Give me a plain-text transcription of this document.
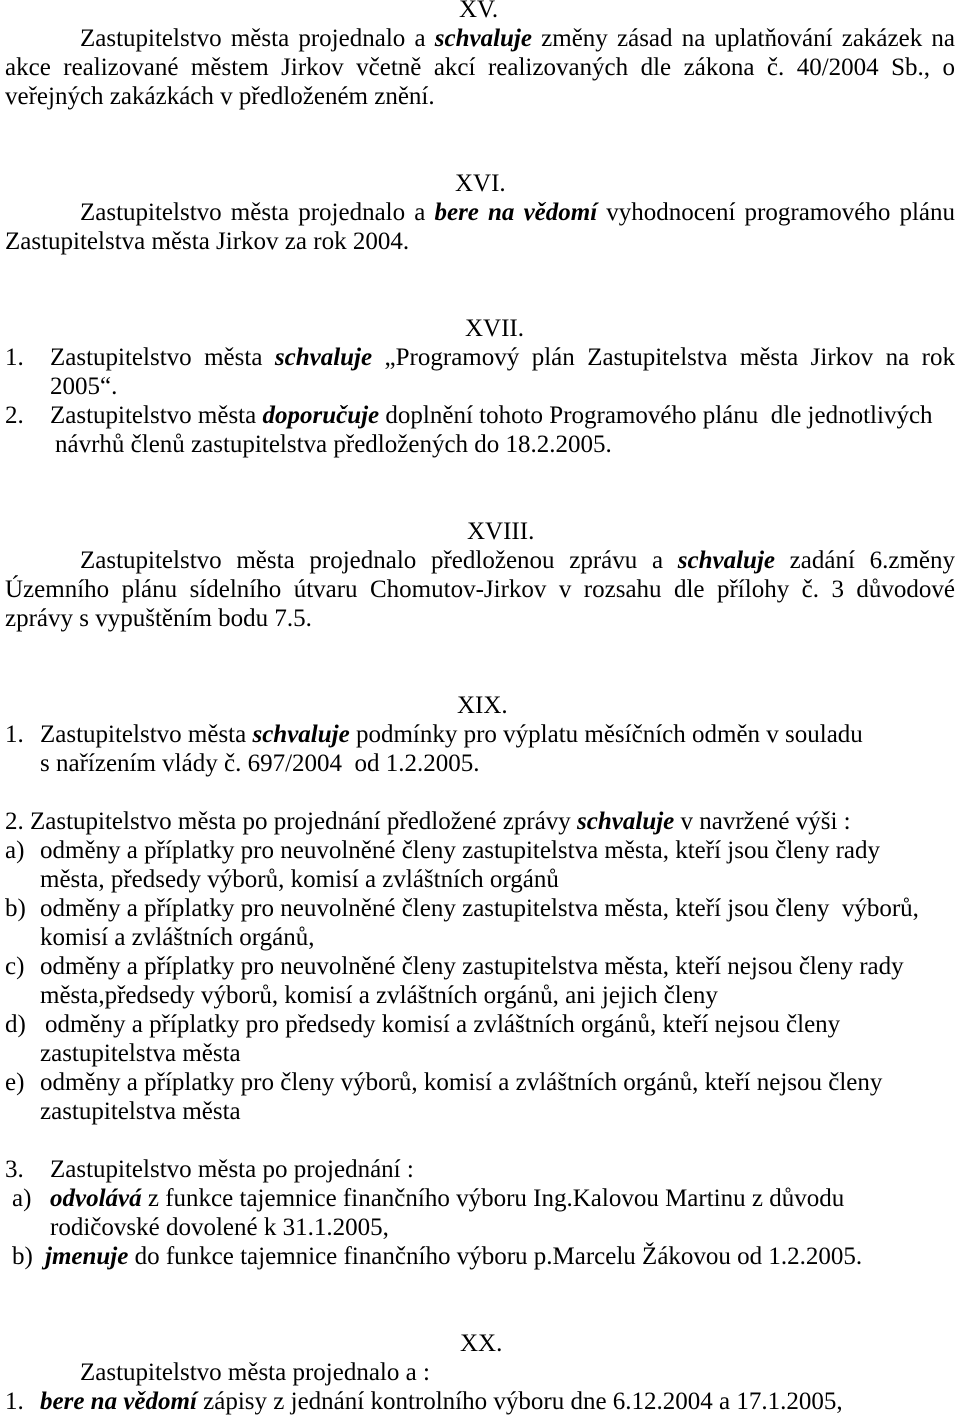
XV.
Zastupitelstvo města projednalo a schvaluje změny zásad na uplatňování zakázek na
akce realizované městem Jirkov včetně akcí realizovaných dle zákona č. 40/2004 Sb., o
veřejných zakázkách v předloženém znění.
XVI.
Zastupitelstvo města projednalo a bere na vědomí vyhodnocení programového plánu
Zastupitelstva města Jirkov za rok 2004.
XVII.
1. Zastupitelstvo města schvaluje „Programový plán Zastupitelstva města Jirkov na rok
2005“.
2. Zastupitelstvo města doporučuje doplnění tohoto Programového plánu  dle jednotlivých
návrhů členů zastupitelstva předložených do 18.2.2005.
XVIII.
Zastupitelstvo města projednalo předloženou zprávu a schvaluje zadání 6.změny
Územního plánu sídelního útvaru Chomutov-Jirkov v rozsahu dle přílohy č. 3 důvodové
zprávy s vypuštěním bodu 7.5.
XIX.
1. Zastupitelstvo města schvaluje podmínky pro výplatu měsíčních odměn v souladu
s nařízením vlády č. 697/2004  od 1.2.2005.
2. Zastupitelstvo města po projednání předložené zprávy schvaluje v navržené výši :
a) odměny a příplatky pro neuvolněné členy zastupitelstva města, kteří jsou členy rady
města, předsedy výborů, komisí a zvláštních orgánů
b) odměny a příplatky pro neuvolněné členy zastupitelstva města, kteří jsou členy  výborů,
komisí a zvláštních orgánů,
c) odměny a příplatky pro neuvolněné členy zastupitelstva města, kteří nejsou členy rady
města,předsedy výborů, komisí a zvláštních orgánů, ani jejich členy
d) odměny a příplatky pro předsedy komisí a zvláštních orgánů, kteří nejsou členy
zastupitelstva města
e) odměny a příplatky pro členy výborů, komisí a zvláštních orgánů, kteří nejsou členy
zastupitelstva města
3. Zastupitelstvo města po projednání :
a) odvolává z funkce tajemnice finančního výboru Ing.Kalovou Martinu z důvodu
rodičovské dovolené k 31.1.2005,
b) jmenuje do funkce tajemnice finančního výboru p.Marcelu Žákovou od 1.2.2005.
XX.
Zastupitelstvo města projednalo a :
1. bere na vědomí zápisy z jednání kontrolního výboru dne 6.12.2004 a 17.1.2005,
